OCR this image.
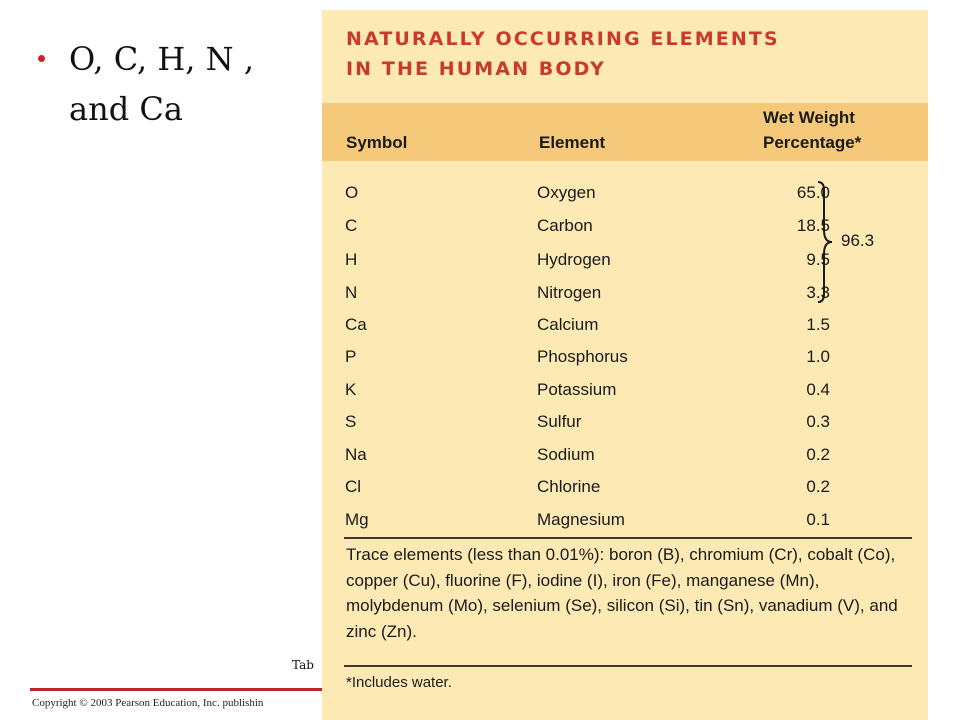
O, C, H, N ,
and Ca
Tab
Copyright © 2003 Pearson Education, Inc. publishin
NATURALLY OCCURRING ELEMENTS
IN THE HUMAN BODY
Symbol	Element
Wet Weight
Percentage*
O	Oxygen	65.0
C	Carbon	18.5
H	Hydrogen	9.5
N	Nitrogen	3.3
Ca	Calcium	1.5
P	Phosphorus	1.0
K	Potassium	0.4
S	Sulfur	0.3
Na	Sodium	0.2
Cl	Chlorine	0.2
Mg	Magnesium	0.1
96.3
Trace elements (less than 0.01%): boron (B), chromium (Cr), cobalt (Co), copper (Cu), fluorine (F), iodine (I), iron (Fe), manganese (Mn), molybdenum (Mo), selenium (Se), silicon (Si), tin (Sn), vanadium (V), and zinc (Zn).
*Includes water.
